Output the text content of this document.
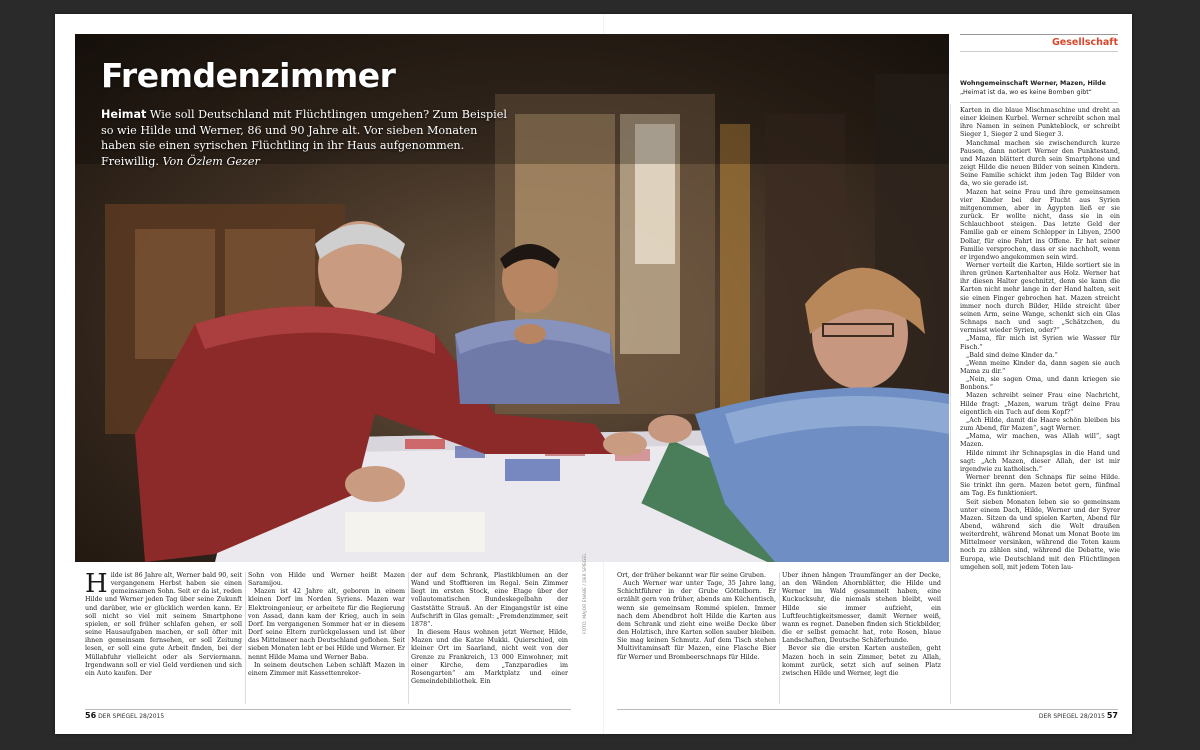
Fremdenzimmer
Heimat Wie soll Deutschland mit Flüchtlingen umgehen? Zum Beispiel so wie Hilde und Werner, 86 und 90 Jahre alt. Vor sieben Monaten haben sie einen syrischen Flüchtling in ihr Haus aufgenommen. Freiwillig. Von Özlem Gezer
FOTO: MAJOR ENABE / DER SPIEGEL
Gesellschaft
Wohngemeinschaft Werner, Mazen, Hilde
„Heimat ist da, wo es keine Bomben gibt“

Karten in die blaue Mischmaschine und dreht an einer kleinen Kurbel. Werner schreibt schon mal ihre Namen in seinen Punkteblock, er schreibt Sieger 1, Sieger 2 und Sieger 3.

Manchmal machen sie zwischendurch kurze Pausen, dann notiert Werner den Punktestand, und Mazen blättert durch sein Smartphone und zeigt Hilde die neuen Bilder von seinen Kindern. Seine Familie schickt ihm jeden Tag Bilder von da, wo sie gerade ist.

Mazen hat seine Frau und ihre gemeinsamen vier Kinder bei der Flucht aus Syrien mitgenommen, aber in Ägypten ließ er sie zurück. Er wollte nicht, dass sie in ein Schlauchboot steigen. Das letzte Geld der Familie gab er einem Schlepper in Libyen, 2500 Dollar, für eine Fahrt ins Offene. Er hat seiner Familie versprochen, dass er sie nachholt, wenn er irgendwo angekommen sein wird.

Werner verteilt die Karten, Hilde sortiert sie in ihren grünen Kartenhalter aus Holz. Werner hat ihr diesen Halter geschnitzt, denn sie kann die Karten nicht mehr lange in der Hand halten, seit sie einen Finger gebrochen hat. Mazen streicht immer noch durch Bilder, Hilde streicht über seinen Arm, seine Wange, schenkt sich ein Glas Schnaps nach und sagt: „Schätzchen, du vermisst wieder Syrien, oder?“

„Mama, für mich ist Syrien wie Wasser für Fisch.“

„Bald sind deine Kinder da.“

„Wenn meine Kinder da, dann sagen sie auch Mama zu dir.“

„Nein, sie sagen Oma, und dann kriegen sie Bonbons.“

Mazen schreibt seiner Frau eine Nachricht, Hilde fragt: „Mazen, warum trägt deine Frau eigentlich ein Tuch auf dem Kopf?“

„Ach Hilde, damit die Haare schön bleiben bis zum Abend, für Mazen“, sagt Werner.

„Mama, wir machen, was Allah will“, sagt Mazen.

Hilde nimmt ihr Schnapsglas in die Hand und sagt: „Ach Mazen, dieser Allah, der ist mir irgendwie zu katholisch.“

Werner brennt den Schnaps für seine Hilde. Sie trinkt ihn gern. Mazen betet gern, fünfmal am Tag. Es funktioniert.

Seit sieben Monaten leben sie so gemeinsam unter einem Dach, Hilde, Werner und der Syrer Mazen. Sitzen da und spielen Karten, Abend für Abend, während sich die Welt draußen weiterdreht, während Monat um Monat Boote im Mittelmeer versinken, während die Toten kaum noch zu zählen sind, während die Debatte, wie Europa, wie Deutschland mit den Flüchtlingen umgehen soll, mit jedem Toten lau-

H ilde ist 86 Jahre alt, Werner bald 90, seit vergangenem Herbst haben sie einen gemeinsamen Sohn. Seit er da ist, reden Hilde und Werner jeden Tag über seine Zukunft und darüber, wie er glücklich werden kann. Er soll nicht so viel mit seinem Smartphone spielen, er soll früher schlafen gehen, er soll seine Hausaufgaben machen, er soll öfter mit ihnen gemeinsam fernsehen, er soll Zeitung lesen, er soll eine gute Arbeit finden, bei der Müllabfuhr vielleicht oder als Serviermann. Irgendwann soll er viel Geld verdienen und sich ein Auto kaufen. Der

Sohn von Hilde und Werner heißt Mazen Saramijou.

Mazen ist 42 Jahre alt, geboren in einem kleinen Dorf im Norden Syriens. Mazen war Elektroingenieur, er arbeitete für die Regierung von Assad, dann kam der Krieg, auch in sein Dorf. Im vergangenen Sommer hat er in diesem Dorf seine Eltern zurückgelassen und ist über das Mittelmeer nach Deutschland geflohen. Seit sieben Monaten lebt er bei Hilde und Werner. Er nennt Hilde Mama und Werner Baba.

In seinem deutschen Leben schläft Mazen in einem Zimmer mit Kassettenrekor-

der auf dem Schrank, Plastikblumen an der Wand und Stofftieren im Regal. Sein Zimmer liegt im ersten Stock, eine Etage über der vollautomatischen Bundeskegelbahn der Gaststätte Strauß. An der Eingangstür ist eine Aufschrift in Glas gemalt: „Fremdenzimmer, seit 1878“.

In diesem Haus wohnen jetzt Werner, Hilde, Mazen und die Katze Mukki. Quierschied, ein kleiner Ort im Saarland, nicht weit von der Grenze zu Frankreich, 13 000 Einwohner, mit einer Kirche, dem „Tanzparadies im Rosengarten“ am Marktplatz und einer Gemeindebibliothek. Ein

Ort, der früher bekannt war für seine Gruben.

Auch Werner war unter Tage, 35 Jahre lang, Schichtführer in der Grube Göttelborn. Er erzählt gern von früher, abends am Küchentisch, wenn sie gemeinsam Rommé spielen. Immer nach dem Abendbrot holt Hilde die Karten aus dem Schrank und zieht eine weiße Decke über den Holztisch, ihre Karten sollen sauber bleiben. Sie mag keinen Schmutz. Auf dem Tisch stehen Multivitaminsaft für Mazen, eine Flasche Bier für Werner und Brombeerschnaps für Hilde.

Über ihnen hängen Traumfänger an der Decke, an den Wänden Ahornblätter, die Hilde und Werner im Wald gesammelt haben, eine Kuckucksuhr, die niemals stehen bleibt, weil Hilde sie immer aufzieht, ein Luftfeuchtigkeitsmesser, damit Werner weiß, wann es regnet. Daneben finden sich Stickbilder, die er selbst gemacht hat, rote Rosen, blaue Landschaften, Deutsche Schäferhunde.

Bevor sie die ersten Karten austeilen, geht Mazen hoch in sein Zimmer, betet zu Allah, kommt zurück, setzt sich auf seinen Platz zwischen Hilde und Werner, legt die

56 DER SPIEGEL 28/2015	DER SPIEGEL 28/2015 57
